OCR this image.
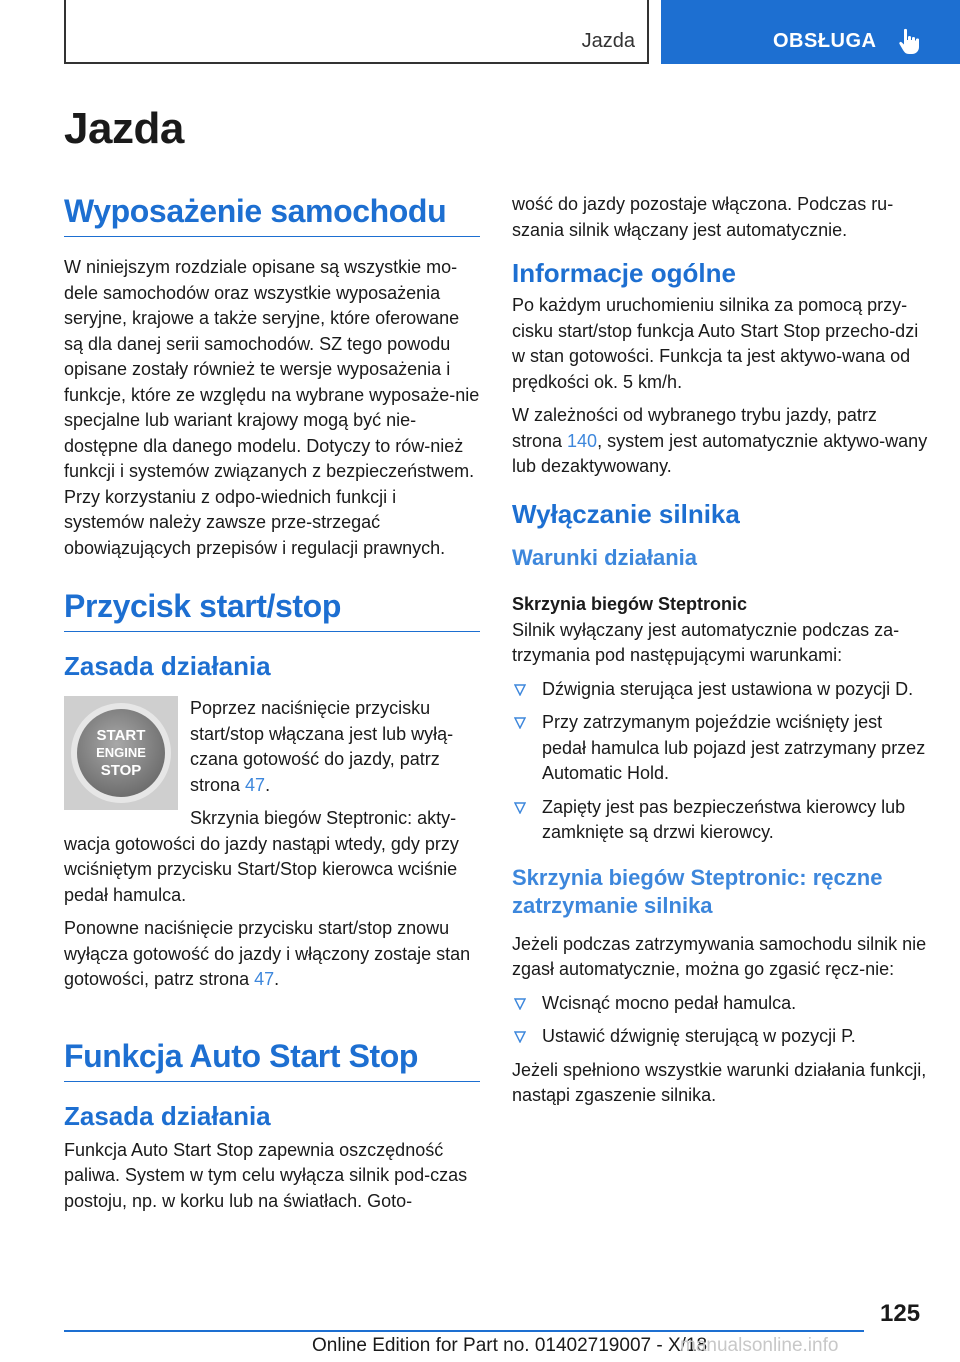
Jazda	OBSŁUGA
Jazda
Wyposażenie samochodu

W niniejszym rozdziale opisane są wszystkie mo-dele samochodów oraz wszystkie wyposażenia seryjne, krajowe a także seryjne, które oferowane są dla danej serii samochodów. SZ tego powodu opisane zostały również te wersje wyposażenia i funkcje, które ze względu na wybrane wyposaże-nie specjalne lub wariant krajowy mogą być nie-dostępne dla danego modelu. Dotyczy to rów-nież funkcji i systemów związanych z bezpieczeństwem. Przy korzystaniu z odpo-wiednich funkcji i systemów należy zawsze prze-strzegać obowiązujących przepisów i regulacji prawnych.

Przycisk start/stop
Zasada działania
START
ENGINE
STOP

Poprzez naciśnięcie przycisku start/stop włączana jest lub wyłą-czana gotowość do jazdy, patrz strona 47.

Skrzynia biegów Steptronic: akty-wacja gotowości do jazdy nastąpi wtedy, gdy przy wciśniętym przycisku Start/Stop kierowca wciśnie pedał hamulca.

Ponowne naciśnięcie przycisku start/stop znowu wyłącza gotowość do jazdy i włączony zostaje stan gotowości, patrz strona 47.

Funkcja Auto Start Stop
Zasada działania

Funkcja Auto Start Stop zapewnia oszczędność paliwa. System w tym celu wyłącza silnik pod-czas postoju, np. w korku lub na światłach. Goto-

wość do jazdy pozostaje włączona. Podczas ru-szania silnik włączany jest automatycznie.

Informacje ogólne

Po każdym uruchomieniu silnika za pomocą przy-cisku start/stop funkcja Auto Start Stop przecho-dzi w stan gotowości. Funkcja ta jest aktywo-wana od prędkości ok. 5 km/h.

W zależności od wybranego trybu jazdy, patrz strona 140, system jest automatycznie aktywo-wany lub dezaktywowany.

Wyłączanie silnika
Warunki działania
Skrzynia biegów Steptronic

Silnik wyłączany jest automatycznie podczas za-trzymania pod następującymi warunkami:

Dźwignia sterująca jest ustawiona w pozycji D.
Przy zatrzymanym pojeździe wciśnięty jest pedał hamulca lub pojazd jest zatrzymany przez Automatic Hold.
Zapięty jest pas bezpieczeństwa kierowcy lub zamknięte są drzwi kierowcy.
Skrzynia biegów Steptronic: ręczne zatrzymanie silnika

Jeżeli podczas zatrzymywania samochodu silnik nie zgasł automatycznie, można go zgasić ręcz-nie:

Wcisnąć mocno pedał hamulca.
Ustawić dźwignię sterującą w pozycji P.

Jeżeli spełniono wszystkie warunki działania funkcji, nastąpi zgaszenie silnika.

125
Online Edition for Part no. 01402719007 - X/18
manualsonline.info
